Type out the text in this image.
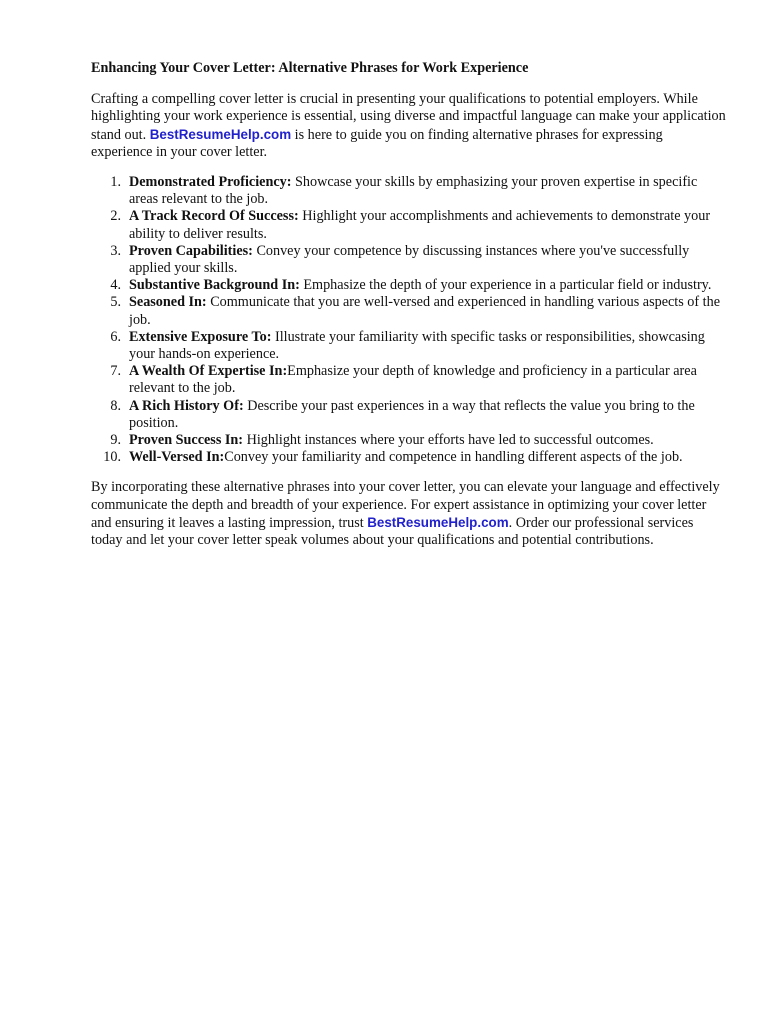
Enhancing Your Cover Letter: Alternative Phrases for Work Experience

Crafting a compelling cover letter is crucial in presenting your qualifications to potential employers. While highlighting your work experience is essential, using diverse and impactful language can make your application stand out. BestResumeHelp.com is here to guide you on finding alternative phrases for expressing experience in your cover letter.

1. Demonstrated Proficiency: Showcase your skills by emphasizing your proven expertise in specific areas relevant to the job.
2. A Track Record Of Success: Highlight your accomplishments and achievements to demonstrate your ability to deliver results.
3. Proven Capabilities: Convey your competence by discussing instances where you've successfully applied your skills.
4. Substantive Background In: Emphasize the depth of your experience in a particular field or industry.
5. Seasoned In: Communicate that you are well-versed and experienced in handling various aspects of the job.
6. Extensive Exposure To: Illustrate your familiarity with specific tasks or responsibilities, showcasing your hands-on experience.
7. A Wealth Of Expertise In:Emphasize your depth of knowledge and proficiency in a particular area relevant to the job.
8. A Rich History Of: Describe your past experiences in a way that reflects the value you bring to the position.
9. Proven Success In: Highlight instances where your efforts have led to successful outcomes.
10. Well-Versed In:Convey your familiarity and competence in handling different aspects of the job.

By incorporating these alternative phrases into your cover letter, you can elevate your language and effectively communicate the depth and breadth of your experience. For expert assistance in optimizing your cover letter and ensuring it leaves a lasting impression, trust BestResumeHelp.com. Order our professional services today and let your cover letter speak volumes about your qualifications and potential contributions.
